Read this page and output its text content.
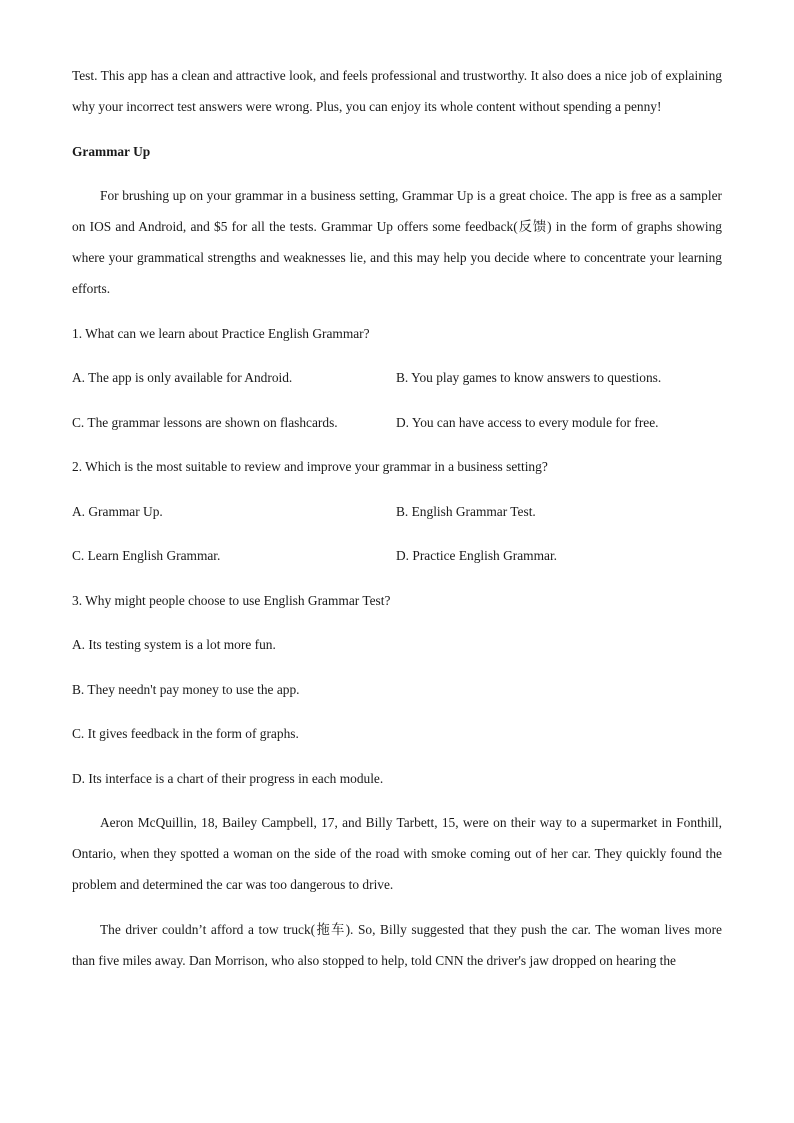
Test. This app has a clean and attractive look, and feels professional and trustworthy. It also does a nice job of explaining why your incorrect test answers were wrong. Plus, you can enjoy its whole content without spending a penny!

Grammar Up

For brushing up on your grammar in a business setting, Grammar Up is a great choice. The app is free as a sampler on IOS and Android, and $5 for all the tests. Grammar Up offers some feedback(反馈) in the form of graphs showing where your grammatical strengths and weaknesses lie, and this may help you decide where to concentrate your learning efforts.

1. What can we learn about Practice English Grammar?

A. The app is only available for Android.	B. You play games to know answers to questions.
C. The grammar lessons are shown on flashcards.	D. You can have access to every module for free.

2. Which is the most suitable to review and improve your grammar in a business setting?

A. Grammar Up.	B. English Grammar Test.
C. Learn English Grammar.	D. Practice English Grammar.

3. Why might people choose to use English Grammar Test?

A. Its testing system is a lot more fun.

B. They needn't pay money to use the app.

C. It gives feedback in the form of graphs.

D. Its interface is a chart of their progress in each module.

Aeron McQuillin, 18, Bailey Campbell, 17, and Billy Tarbett, 15, were on their way to a supermarket in Fonthill, Ontario, when they spotted a woman on the side of the road with smoke coming out of her car. They quickly found the problem and determined the car was too dangerous to drive.

The driver couldn’t afford a tow truck(拖车). So, Billy suggested that they push the car. The woman lives more than five miles away. Dan Morrison, who also stopped to help, told CNN the driver's jaw dropped on hearing the
